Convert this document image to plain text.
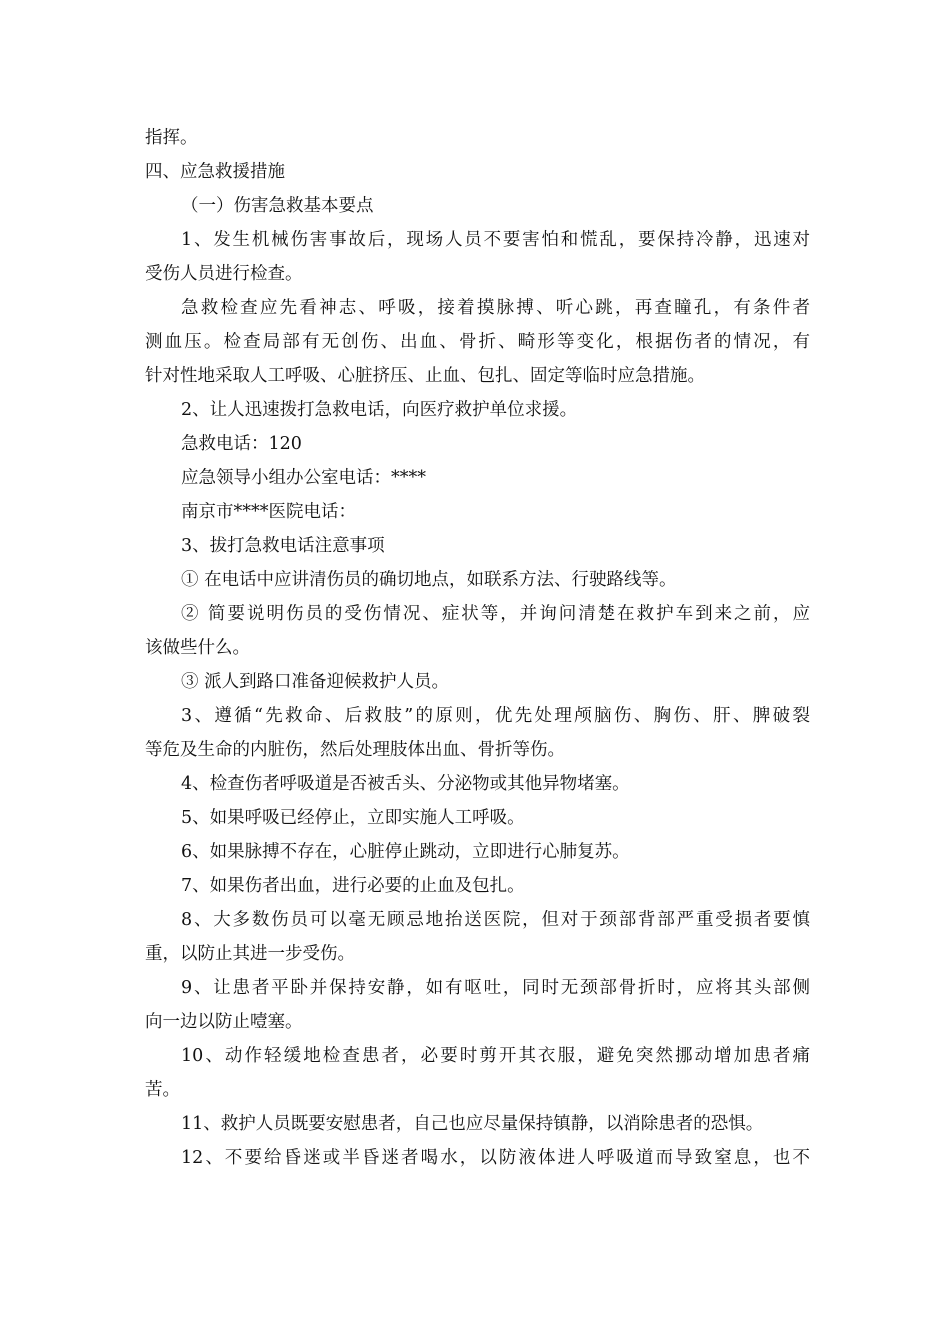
指挥。
四、应急救援措施
（一）伤害急救基本要点
1、发生机械伤害事故后，现场人员不要害怕和慌乱，要保持冷静，迅速对
受伤人员进行检查。
急救检查应先看神志、呼吸，接着摸脉搏、听心跳，再查瞳孔，有条件者
测血压。检查局部有无创伤、出血、骨折、畸形等变化，根据伤者的情况，有
针对性地采取人工呼吸、心脏挤压、止血、包扎、固定等临时应急措施。
2、让人迅速拨打急救电话，向医疗救护单位求援。
急救电话：120
应急领导小组办公室电话：****
南京市****医院电话：
3、拔打急救电话注意事项
① 在电话中应讲清伤员的确切地点，如联系方法、行驶路线等。
② 简要说明伤员的受伤情况、症状等，并询问清楚在救护车到来之前，应
该做些什么。
③ 派人到路口准备迎候救护人员。
3、遵循“先救命、后救肢”的原则，优先处理颅脑伤、胸伤、肝、脾破裂
等危及生命的内脏伤，然后处理肢体出血、骨折等伤。
4、检查伤者呼吸道是否被舌头、分泌物或其他异物堵塞。
5、如果呼吸已经停止，立即实施人工呼吸。
6、如果脉搏不存在，心脏停止跳动，立即进行心肺复苏。
7、如果伤者出血，进行必要的止血及包扎。
8、大多数伤员可以毫无顾忌地抬送医院，但对于颈部背部严重受损者要慎
重，以防止其进一步受伤。
9、让患者平卧并保持安静，如有呕吐，同时无颈部骨折时，应将其头部侧
向一边以防止噎塞。
10、动作轻缓地检查患者，必要时剪开其衣服，避免突然挪动增加患者痛
苦。
11、救护人员既要安慰患者，自己也应尽量保持镇静，以消除患者的恐惧。
12、不要给昏迷或半昏迷者喝水，以防液体进人呼吸道而导致窒息，也不
